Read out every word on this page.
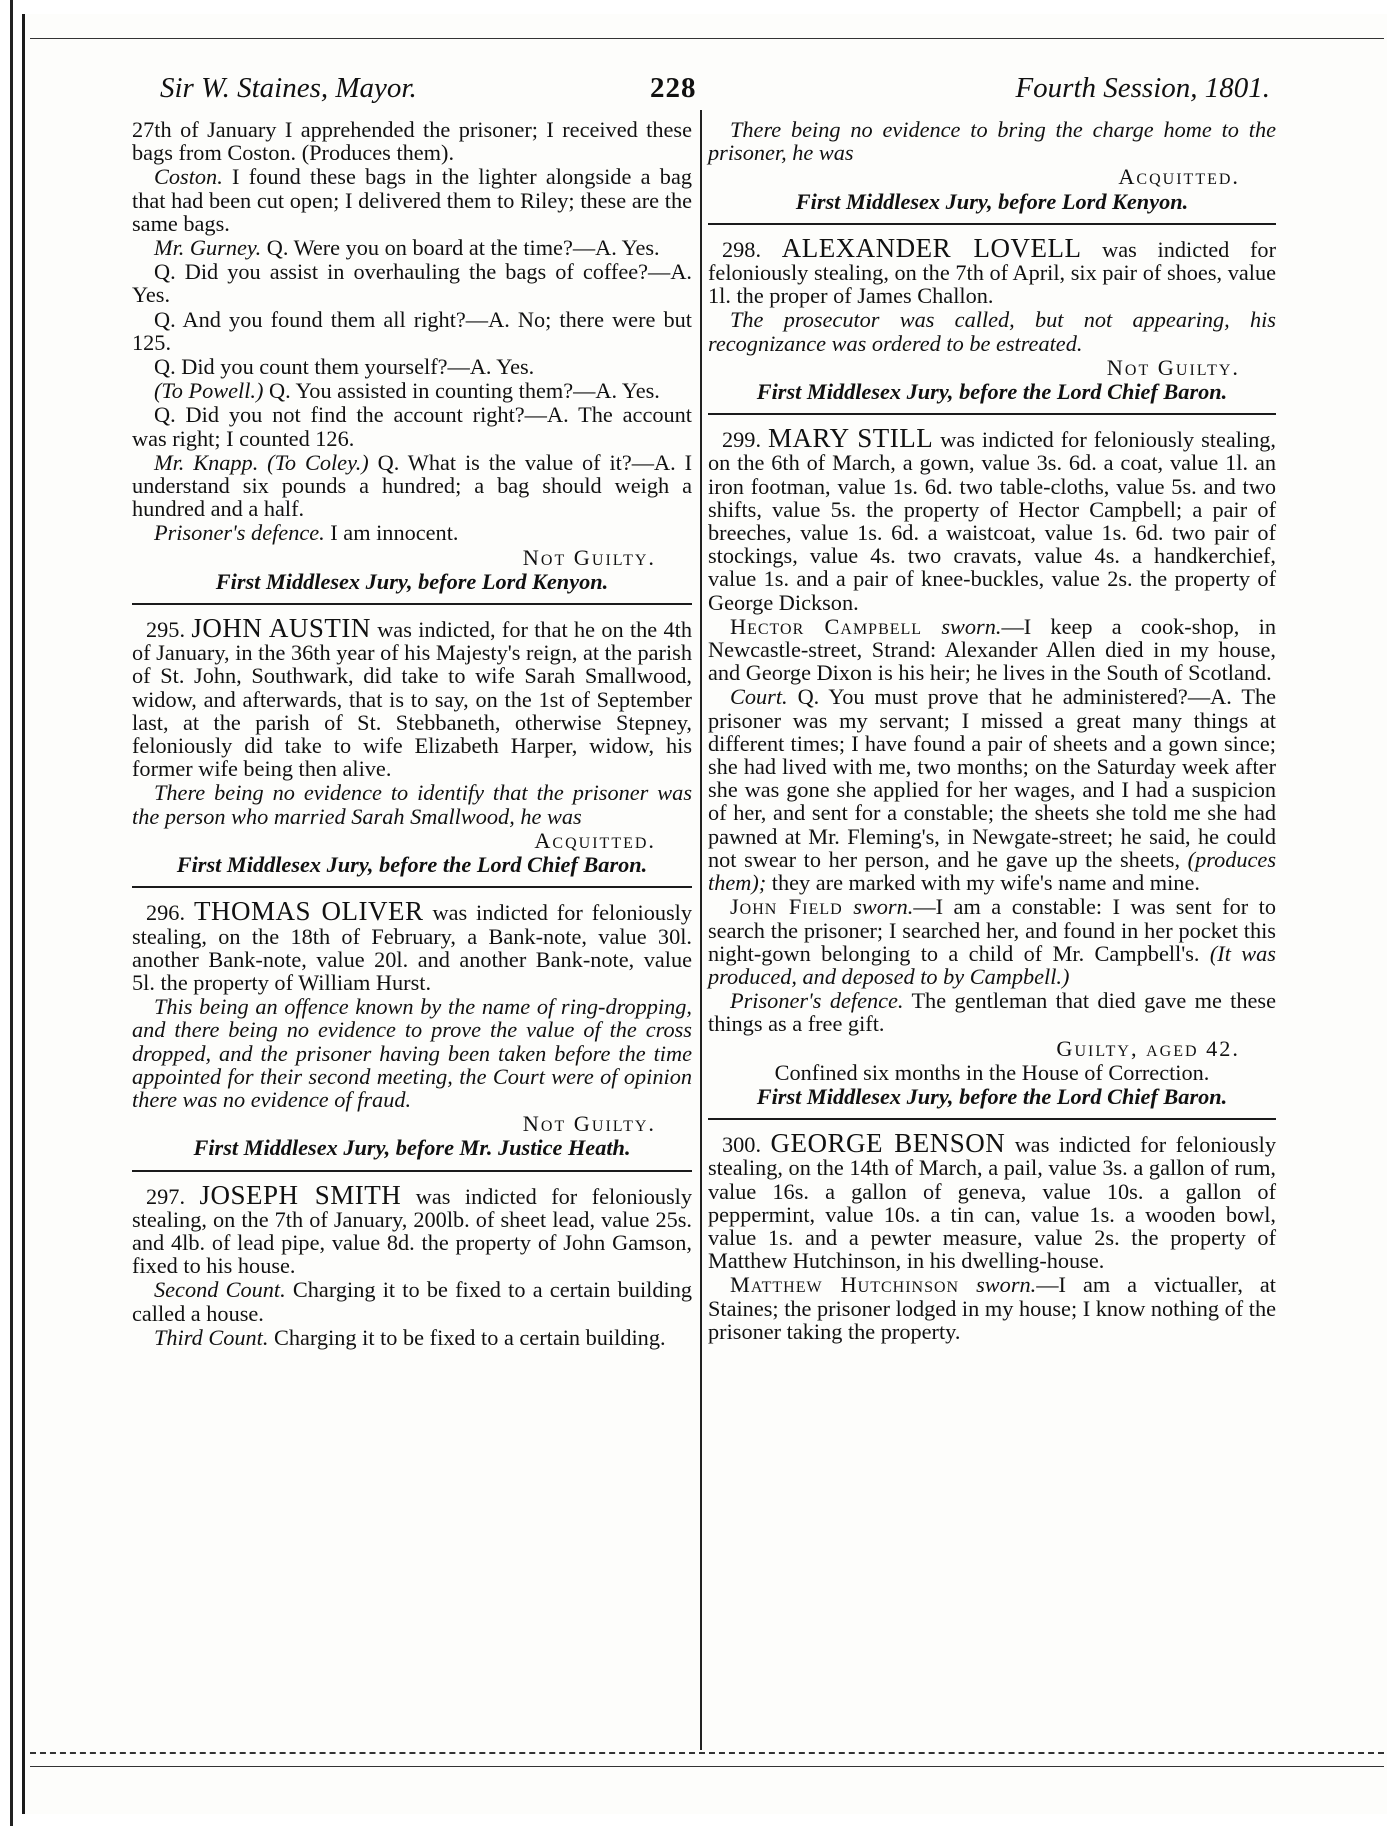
Sir W. Staines, Mayor.	228	Fourth Session, 1801.

27th of January I apprehended the prisoner; I received these bags from Coston. (Produces them).

Coston. I found these bags in the lighter alongside a bag that had been cut open; I delivered them to Riley; these are the same bags.

Mr. Gurney. Q. Were you on board at the time?—A. Yes.

Q. Did you assist in overhauling the bags of coffee?—A. Yes.

Q. And you found them all right?—A. No; there were but 125.

Q. Did you count them yourself?—A. Yes.

(To Powell.) Q. You assisted in counting them?—A. Yes.

Q. Did you not find the account right?—A. The account was right; I counted 126.

Mr. Knapp. (To Coley.) Q. What is the value of it?—A. I understand six pounds a hundred; a bag should weigh a hundred and a half.

Prisoner's defence. I am innocent.

Not Guilty.

First Middlesex Jury, before Lord Kenyon.

295. JOHN AUSTIN was indicted, for that he on the 4th of January, in the 36th year of his Majesty's reign, at the parish of St. John, Southwark, did take to wife Sarah Smallwood, widow, and afterwards, that is to say, on the 1st of September last, at the parish of St. Stebbaneth, otherwise Stepney, feloniously did take to wife Elizabeth Harper, widow, his former wife being then alive.

There being no evidence to identify that the prisoner was the person who married Sarah Smallwood, he was

Acquitted.

First Middlesex Jury, before the Lord Chief Baron.

296. THOMAS OLIVER was indicted for feloniously stealing, on the 18th of February, a Bank-note, value 30l. another Bank-note, value 20l. and another Bank-note, value 5l. the property of William Hurst.

This being an offence known by the name of ring-dropping, and there being no evidence to prove the value of the cross dropped, and the prisoner having been taken before the time appointed for their second meeting, the Court were of opinion there was no evidence of fraud.

Not Guilty.

First Middlesex Jury, before Mr. Justice Heath.

297. JOSEPH SMITH was indicted for feloniously stealing, on the 7th of January, 200lb. of sheet lead, value 25s. and 4lb. of lead pipe, value 8d. the property of John Gamson, fixed to his house.

Second Count. Charging it to be fixed to a certain building called a house.

Third Count. Charging it to be fixed to a certain building.

There being no evidence to bring the charge home to the prisoner, he was

Acquitted.

First Middlesex Jury, before Lord Kenyon.

298. ALEXANDER LOVELL was indicted for feloniously stealing, on the 7th of April, six pair of shoes, value 1l. the proper of James Challon.

The prosecutor was called, but not appearing, his recognizance was ordered to be estreated.

Not Guilty.

First Middlesex Jury, before the Lord Chief Baron.

299. MARY STILL was indicted for feloniously stealing, on the 6th of March, a gown, value 3s. 6d. a coat, value 1l. an iron footman, value 1s. 6d. two table-cloths, value 5s. and two shifts, value 5s. the property of Hector Campbell; a pair of breeches, value 1s. 6d. a waistcoat, value 1s. 6d. two pair of stockings, value 4s. two cravats, value 4s. a handkerchief, value 1s. and a pair of knee-buckles, value 2s. the property of George Dickson.

Hector Campbell sworn.—I keep a cook-shop, in Newcastle-street, Strand: Alexander Allen died in my house, and George Dixon is his heir; he lives in the South of Scotland.

Court. Q. You must prove that he administered?—A. The prisoner was my servant; I missed a great many things at different times; I have found a pair of sheets and a gown since; she had lived with me, two months; on the Saturday week after she was gone she applied for her wages, and I had a suspicion of her, and sent for a constable; the sheets she told me she had pawned at Mr. Fleming's, in Newgate-street; he said, he could not swear to her person, and he gave up the sheets, (produces them); they are marked with my wife's name and mine.

John Field sworn.—I am a constable: I was sent for to search the prisoner; I searched her, and found in her pocket this night-gown belonging to a child of Mr. Campbell's. (It was produced, and deposed to by Campbell.)

Prisoner's defence. The gentleman that died gave me these things as a free gift.

Guilty, aged 42.

Confined six months in the House of Correction.

First Middlesex Jury, before the Lord Chief Baron.

300. GEORGE BENSON was indicted for feloniously stealing, on the 14th of March, a pail, value 3s. a gallon of rum, value 16s. a gallon of geneva, value 10s. a gallon of peppermint, value 10s. a tin can, value 1s. a wooden bowl, value 1s. and a pewter measure, value 2s. the property of Matthew Hutchinson, in his dwelling-house.

Matthew Hutchinson sworn.—I am a victualler, at Staines; the prisoner lodged in my house; I know nothing of the prisoner taking the property.
